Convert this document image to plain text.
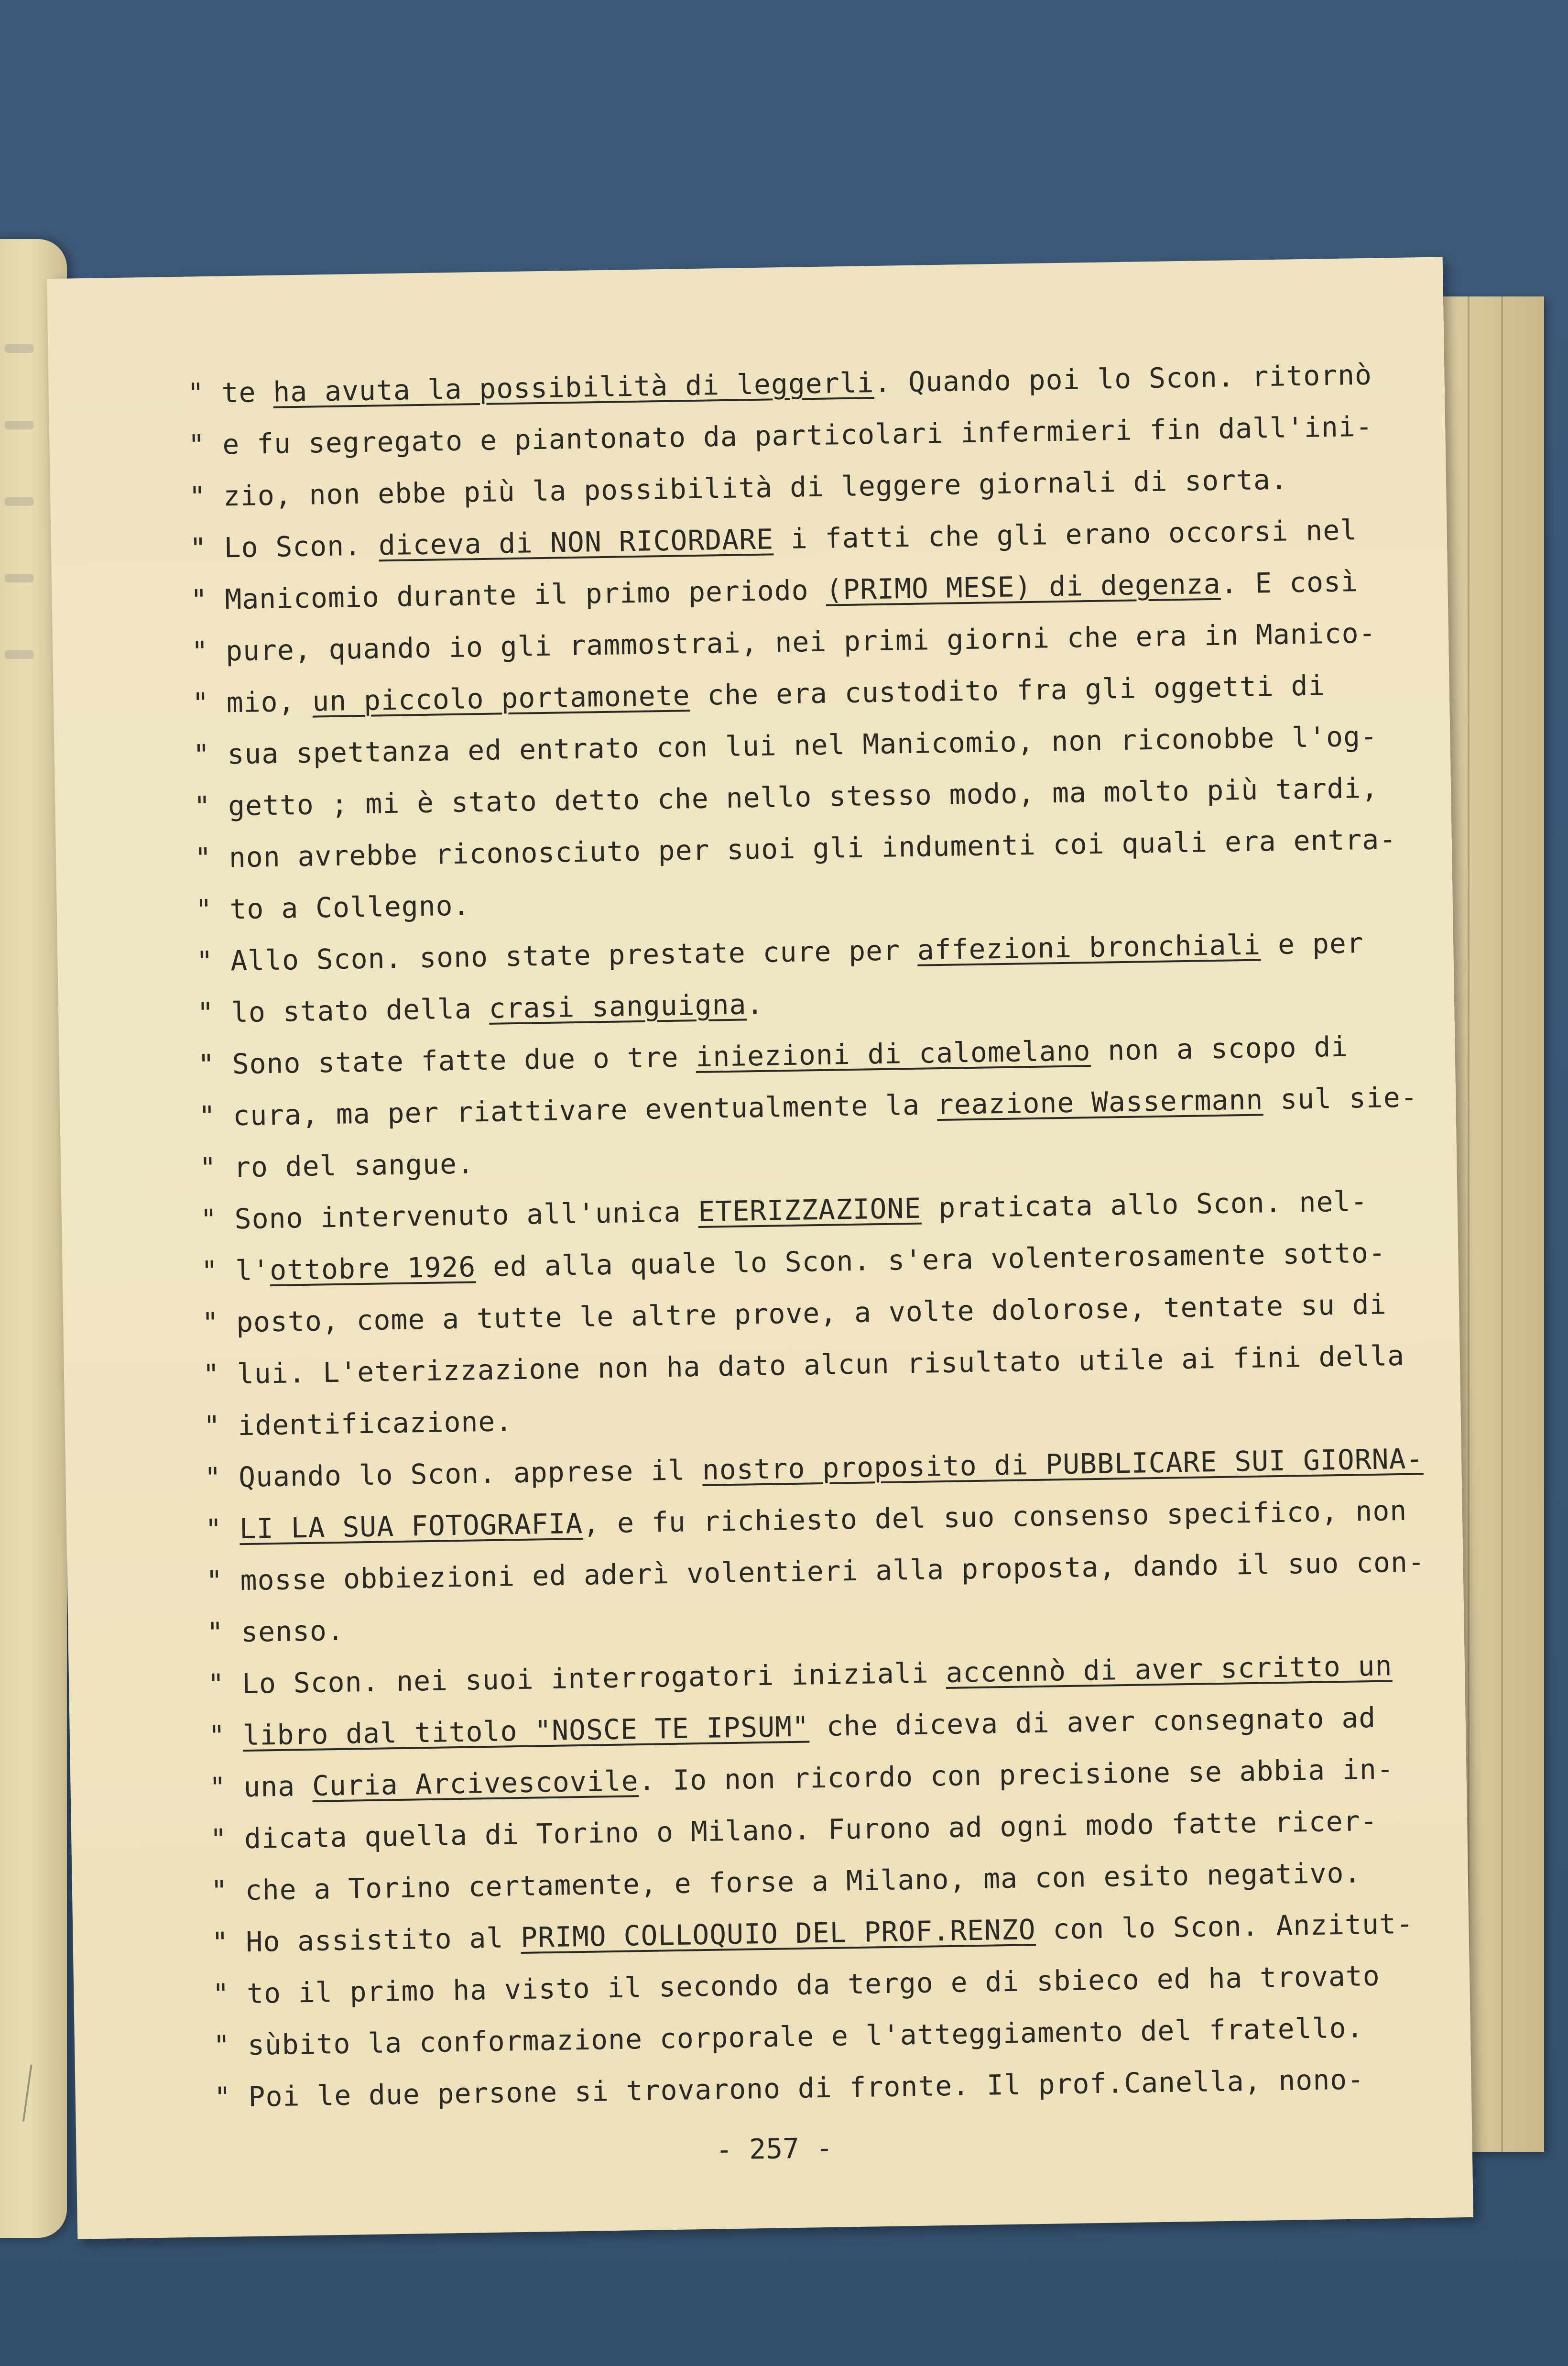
" te ha avuta la possibilità di leggerli. Quando poi lo Scon. ritornò
" e fu segregato e piantonato da particolari infermieri fin dall'ini-
" zio, non ebbe più la possibilità di leggere giornali di sorta.
" Lo Scon. diceva di NON RICORDARE i fatti che gli erano occorsi nel
" Manicomio durante il primo periodo (PRIMO MESE) di degenza. E così
" pure, quando io gli rammostrai, nei primi giorni che era in Manico-
" mio, un piccolo portamonete che era custodito fra gli oggetti di
" sua spettanza ed entrato con lui nel Manicomio, non riconobbe l'og-
" getto ; mi è stato detto che nello stesso modo, ma molto più tardi,
" non avrebbe riconosciuto per suoi gli indumenti coi quali era entra-
" to a Collegno.
" Allo Scon. sono state prestate cure per affezioni bronchiali e per
" lo stato della crasi sanguigna.
" Sono state fatte due o tre iniezioni di calomelano non a scopo di
" cura, ma per riattivare eventualmente la reazione Wassermann sul sie-
" ro del sangue.
" Sono intervenuto all'unica ETERIZZAZIONE praticata allo Scon. nel-
" l'ottobre 1926 ed alla quale lo Scon. s'era volenterosamente sotto-
" posto, come a tutte le altre prove, a volte dolorose, tentate su di
" lui. L'eterizzazione non ha dato alcun risultato utile ai fini della
" identificazione.
" Quando lo Scon. apprese il nostro proposito di PUBBLICARE SUI GIORNA-
" LI LA SUA FOTOGRAFIA, e fu richiesto del suo consenso specifico, non
" mosse obbiezioni ed aderì volentieri alla proposta, dando il suo con-
" senso.
" Lo Scon. nei suoi interrogatori iniziali accennò di aver scritto un
" libro dal titolo "NOSCE TE IPSUM" che diceva di aver consegnato ad
" una Curia Arcivescovile. Io non ricordo con precisione se abbia in-
" dicata quella di Torino o Milano. Furono ad ogni modo fatte ricer-
" che a Torino certamente, e forse a Milano, ma con esito negativo.
" Ho assistito al PRIMO COLLOQUIO DEL PROF.RENZO con lo Scon. Anzitut-
" to il primo ha visto il secondo da tergo e di sbieco ed ha trovato
" sùbito la conformazione corporale e l'atteggiamento del fratello.
" Poi le due persone si trovarono di fronte. Il prof.Canella, nono-
- 257 -
